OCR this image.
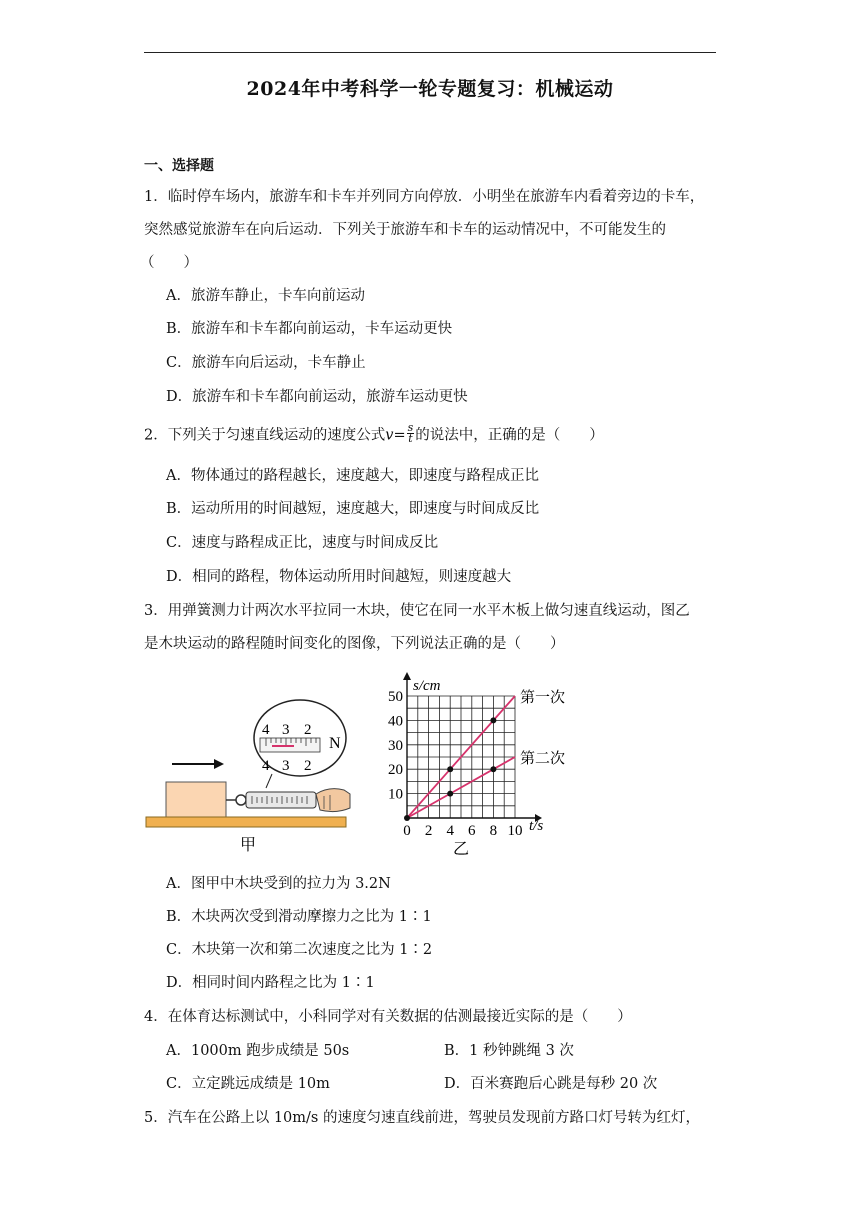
2024年中考科学一轮专题复习：机械运动
一、选择题
1．临时停车场内，旅游车和卡车并列同方向停放．小明坐在旅游车内看着旁边的卡车，
突然感觉旅游车在向后运动．下列关于旅游车和卡车的运动情况中，不可能发生的
（　　）
A．旅游车静止，卡车向前运动
B．旅游车和卡车都向前运动，卡车运动更快
C．旅游车向后运动，卡车静止
D．旅游车和卡车都向前运动，旅游车运动更快
2．下列关于匀速直线运动的速度公式$v= \frac{s}{t}$ 的说法中，正确的是（　　）
A．物体通过的路程越长，速度越大，即速度与路程成正比
B．运动所用的时间越短，速度越大，即速度与时间成反比
C．速度与路程成正比，速度与时间成反比
D．相同的路程，物体运动所用时间越短，则速度越大
3．用弹簧测力计两次水平拉同一木块，使它在同一水平木板上做匀速直线运动，图乙
是木块运动的路程随时间变化的图像，下列说法正确的是（　　）
4 3 2
N
4 3 2
甲
0 2 4 6 8 10
10
20
30
40
50
s/cm
t/s
第一次
第二次
乙
A．图甲中木块受到的拉力为 3.2N
B．木块两次受到滑动摩擦力之比为 1∶1
C．木块第一次和第二次速度之比为 1∶2
D．相同时间内路程之比为 1∶1
4．在体育达标测试中，小科同学对有关数据的估测最接近实际的是（　　）
A．1000m 跑步成绩是 50s	B．1 秒钟跳绳 3 次
C．立定跳远成绩是 10m	D．百米赛跑后心跳是每秒 20 次
5．汽车在公路上以 10m/s 的速度匀速直线前进，驾驶员发现前方路口灯号转为红灯，
